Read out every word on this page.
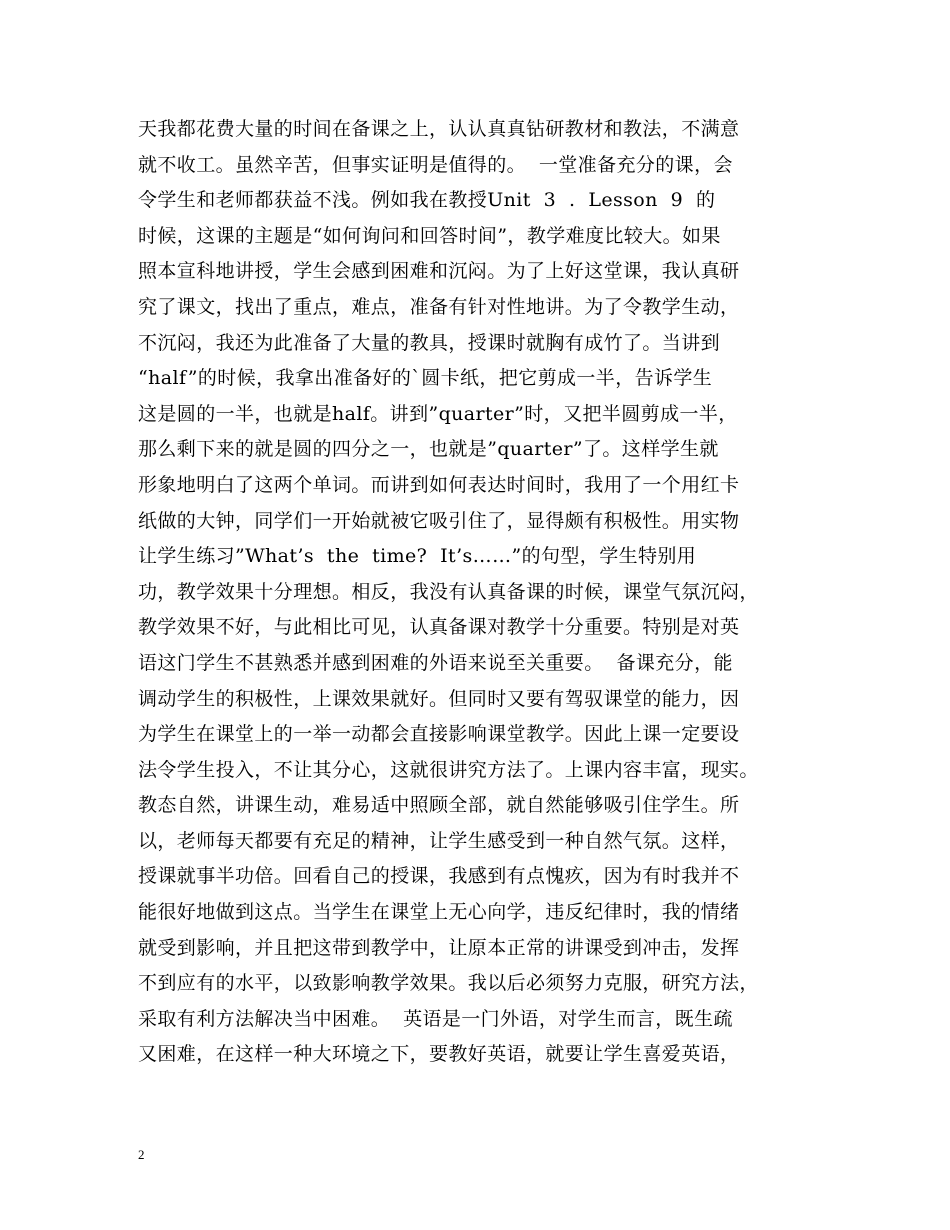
天我都花费大量的时间在备课之上，认认真真钻研教材和教法，不满意
就不收工。虽然辛苦，但事实证明是值得的。  一堂准备充分的课，会
令学生和老师都获益不浅。例如我在教授Unit  3  .  Lesson  9  的
时候，这课的主题是“如何询问和回答时间”，教学难度比较大。如果
照本宣科地讲授，学生会感到困难和沉闷。为了上好这堂课，我认真研
究了课文，找出了重点，难点，准备有针对性地讲。为了令教学生动，
不沉闷，我还为此准备了大量的教具，授课时就胸有成竹了。当讲到
“half”的时候，我拿出准备好的`圆卡纸，把它剪成一半，告诉学生
这是圆的一半，也就是half。讲到”quarter”时，又把半圆剪成一半，
那么剩下来的就是圆的四分之一，也就是”quarter”了。这样学生就
形象地明白了这两个单词。而讲到如何表达时间时，我用了一个用红卡
纸做的大钟，同学们一开始就被它吸引住了，显得颇有积极性。用实物
让学生练习”What’s  the  time?  It’s……”的句型，学生特别用
功，教学效果十分理想。相反，我没有认真备课的时候，课堂气氛沉闷，
教学效果不好，与此相比可见，认真备课对教学十分重要。特别是对英
语这门学生不甚熟悉并感到困难的外语来说至关重要。  备课充分，能
调动学生的积极性，上课效果就好。但同时又要有驾驭课堂的能力，因
为学生在课堂上的一举一动都会直接影响课堂教学。因此上课一定要设
法令学生投入，不让其分心，这就很讲究方法了。上课内容丰富，现实。
教态自然，讲课生动，难易适中照顾全部，就自然能够吸引住学生。所
以，老师每天都要有充足的精神，让学生感受到一种自然气氛。这样，
授课就事半功倍。回看自己的授课，我感到有点愧疚，因为有时我并不
能很好地做到这点。当学生在课堂上无心向学，违反纪律时，我的情绪
就受到影响，并且把这带到教学中，让原本正常的讲课受到冲击，发挥
不到应有的水平，以致影响教学效果。我以后必须努力克服，研究方法，
采取有利方法解决当中困难。  英语是一门外语，对学生而言，既生疏
又困难，在这样一种大环境之下，要教好英语，就要让学生喜爱英语，
2
